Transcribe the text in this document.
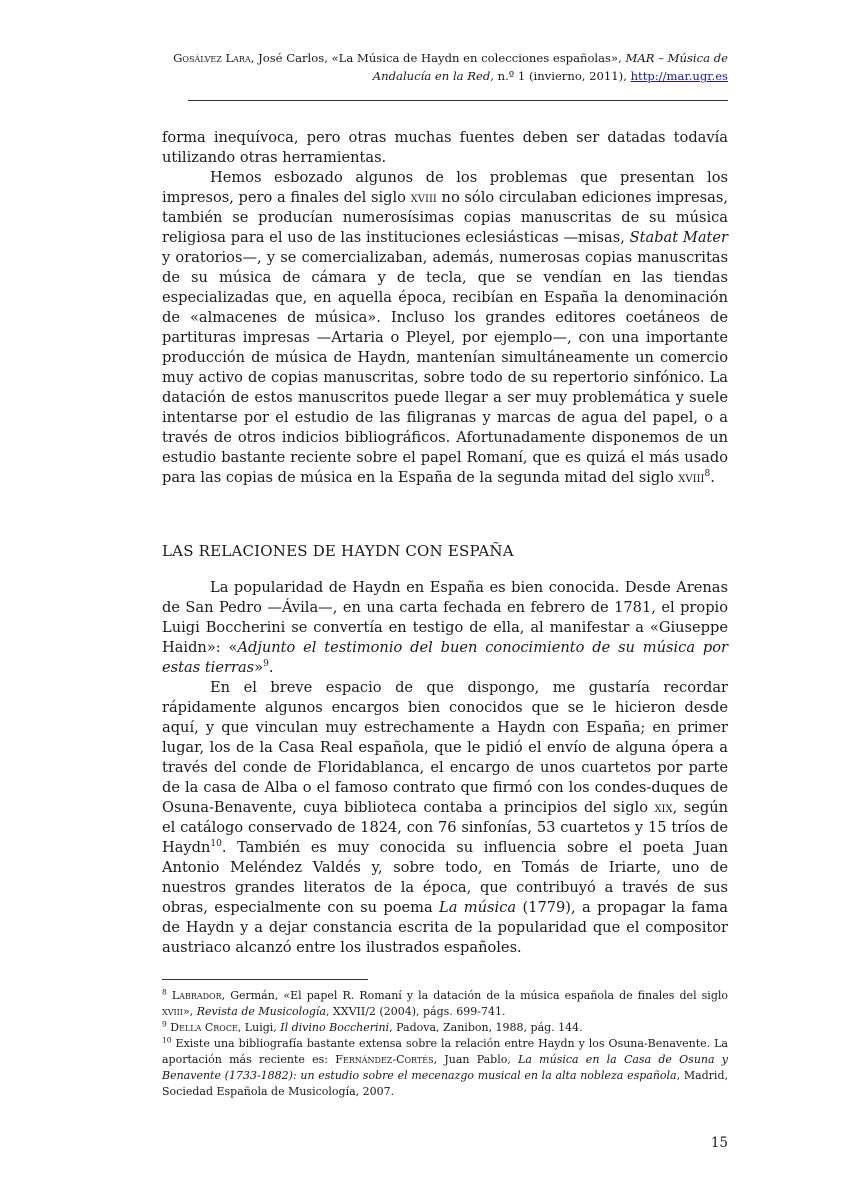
Gosálvez Lara, José Carlos, «La Música de Haydn en colecciones españolas», MAR – Música de Andalucía en la Red, n.º 1 (invierno, 2011), http://mar.ugr.es

forma inequívoca, pero otras muchas fuentes deben ser datadas todavía utilizando otras herramientas.

Hemos esbozado algunos de los problemas que presentan los impresos, pero a finales del siglo xviii no sólo circulaban ediciones impresas, también se producían numerosísimas copias manuscritas de su música religiosa para el uso de las instituciones eclesiásticas —misas, Stabat Mater y oratorios—, y se comercializaban, además, numerosas copias manuscritas de su música de cámara y de tecla, que se vendían en las tiendas especializadas que, en aquella época, recibían en España la denominación de «almacenes de música». Incluso los grandes editores coetáneos de partituras impresas —Artaria o Pleyel, por ejemplo—, con una importante producción de música de Haydn, mantenían simultáneamente un comercio muy activo de copias manuscritas, sobre todo de su repertorio sinfónico. La datación de estos manuscritos puede llegar a ser muy problemática y suele intentarse por el estudio de las filigranas y marcas de agua del papel, o a través de otros indicios bibliográficos. Afortunadamente disponemos de un estudio bastante reciente sobre el papel Romaní, que es quizá el más usado para las copias de música en la España de la segunda mitad del siglo xviii$^8$.

LAS RELACIONES DE HAYDN CON ESPAÑA

La popularidad de Haydn en España es bien conocida. Desde Arenas de San Pedro —Ávila—, en una carta fechada en febrero de 1781, el propio Luigi Boccherini se convertía en testigo de ella, al manifestar a «Giuseppe Haidn»: «Adjunto el testimonio del buen conocimiento de su música por estas tierras»$^9$.

En el breve espacio de que dispongo, me gustaría recordar rápidamente algunos encargos bien conocidos que se le hicieron desde aquí, y que vinculan muy estrechamente a Haydn con España; en primer lugar, los de la Casa Real española, que le pidió el envío de alguna ópera a través del conde de Floridablanca, el encargo de unos cuartetos por parte de la casa de Alba o el famoso contrato que firmó con los condes-duques de Osuna-Benavente, cuya biblioteca contaba a principios del siglo xix, según el catálogo conservado de 1824, con 76 sinfonías, 53 cuartetos y 15 tríos de Haydn$^{10}$. También es muy conocida su influencia sobre el poeta Juan Antonio Meléndez Valdés y, sobre todo, en Tomás de Iriarte, uno de nuestros grandes literatos de la época, que contribuyó a través de sus obras, especialmente con su poema La música (1779), a propagar la fama de Haydn y a dejar constancia escrita de la popularidad que el compositor austriaco alcanzó entre los ilustrados españoles.

$^8$ Labrador, Germán, «El papel R. Romaní y la datación de la música española de finales del siglo xviii», Revista de Musicología, XXVII/2 (2004), págs. 699-741.

$^9$ Della Croce, Luigi, Il divino Boccherini, Padova, Zanibon, 1988, pág. 144.

$^{10}$ Existe una bibliografía bastante extensa sobre la relación entre Haydn y los Osuna-Benavente. La aportación más reciente es: Fernández-Cortés, Juan Pablo, La música en la Casa de Osuna y Benavente (1733-1882): un estudio sobre el mecenazgo musical en la alta nobleza española, Madrid, Sociedad Española de Musicología, 2007.

15
